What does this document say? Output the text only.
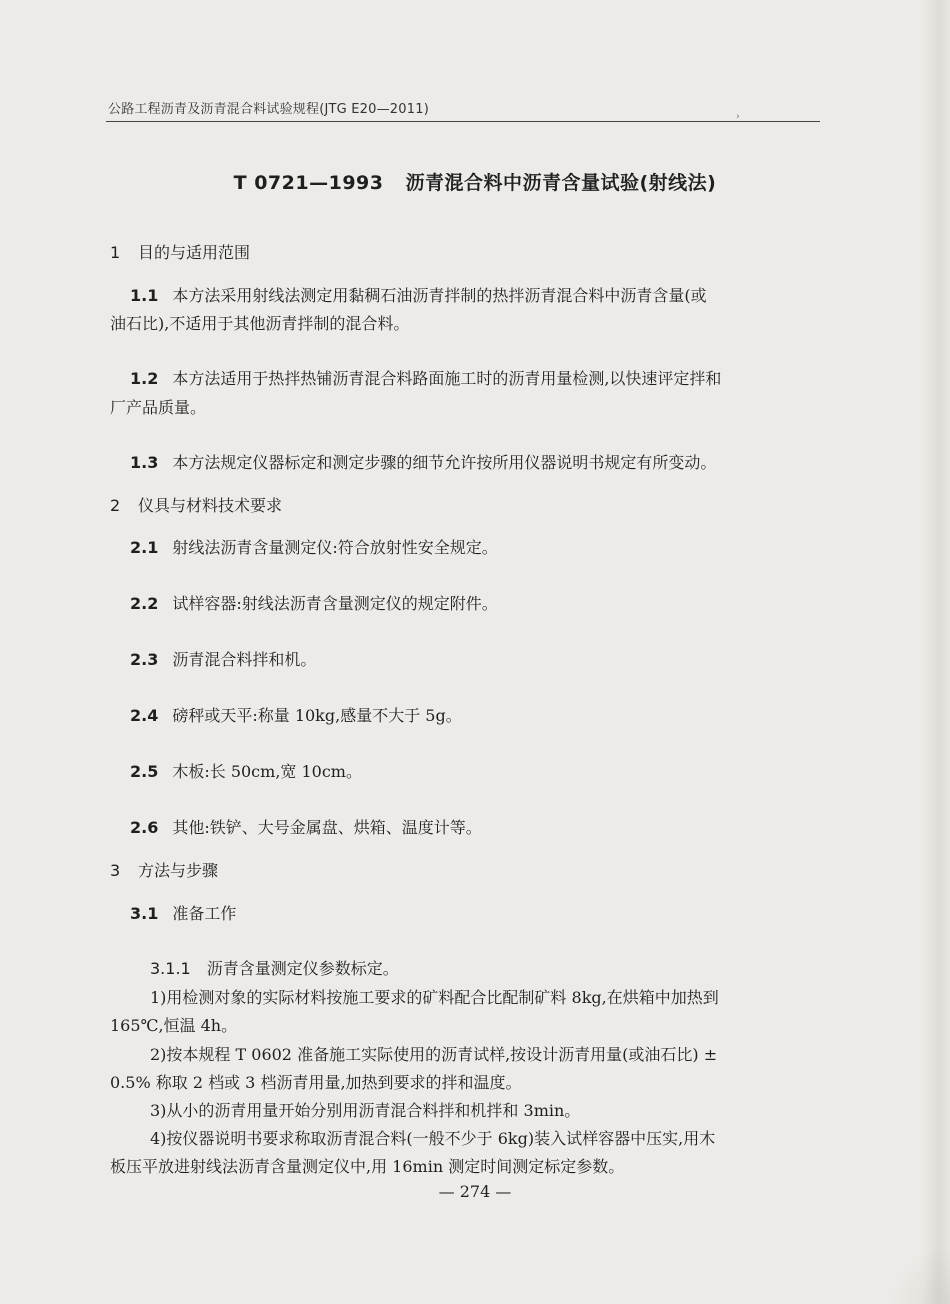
公路工程沥青及沥青混合料试验规程(JTG E20—2011)	›
T 0721—1993 沥青混合料中沥青含量试验(射线法)
1 目的与适用范围
1.1 本方法采用射线法测定用黏稠石油沥青拌制的热拌沥青混合料中沥青含量(或
油石比),不适用于其他沥青拌制的混合料。
1.2 本方法适用于热拌热铺沥青混合料路面施工时的沥青用量检测,以快速评定拌和
厂产品质量。
1.3 本方法规定仪器标定和测定步骤的细节允许按所用仪器说明书规定有所变动。
2 仪具与材料技术要求
2.1 射线法沥青含量测定仪:符合放射性安全规定。
2.2 试样容器:射线法沥青含量测定仪的规定附件。
2.3 沥青混合料拌和机。
2.4 磅秤或天平:称量 10kg,感量不大于 5g。
2.5 木板:长 50cm,宽 10cm。
2.6 其他:铁铲、大号金属盘、烘箱、温度计等。
3 方法与步骤
3.1 准备工作
3.1.1 沥青含量测定仪参数标定。
1)用检测对象的实际材料按施工要求的矿料配合比配制矿料 8kg,在烘箱中加热到
165℃,恒温 4h。
2)按本规程 T 0602 准备施工实际使用的沥青试样,按设计沥青用量(或油石比) ±
0.5% 称取 2 档或 3 档沥青用量,加热到要求的拌和温度。
3)从小的沥青用量开始分别用沥青混合料拌和机拌和 3min。
4)按仪器说明书要求称取沥青混合料(一般不少于 6kg)装入试样容器中压实,用木
板压平放进射线法沥青含量测定仪中,用 16min 测定时间测定标定参数。
— 274 —
